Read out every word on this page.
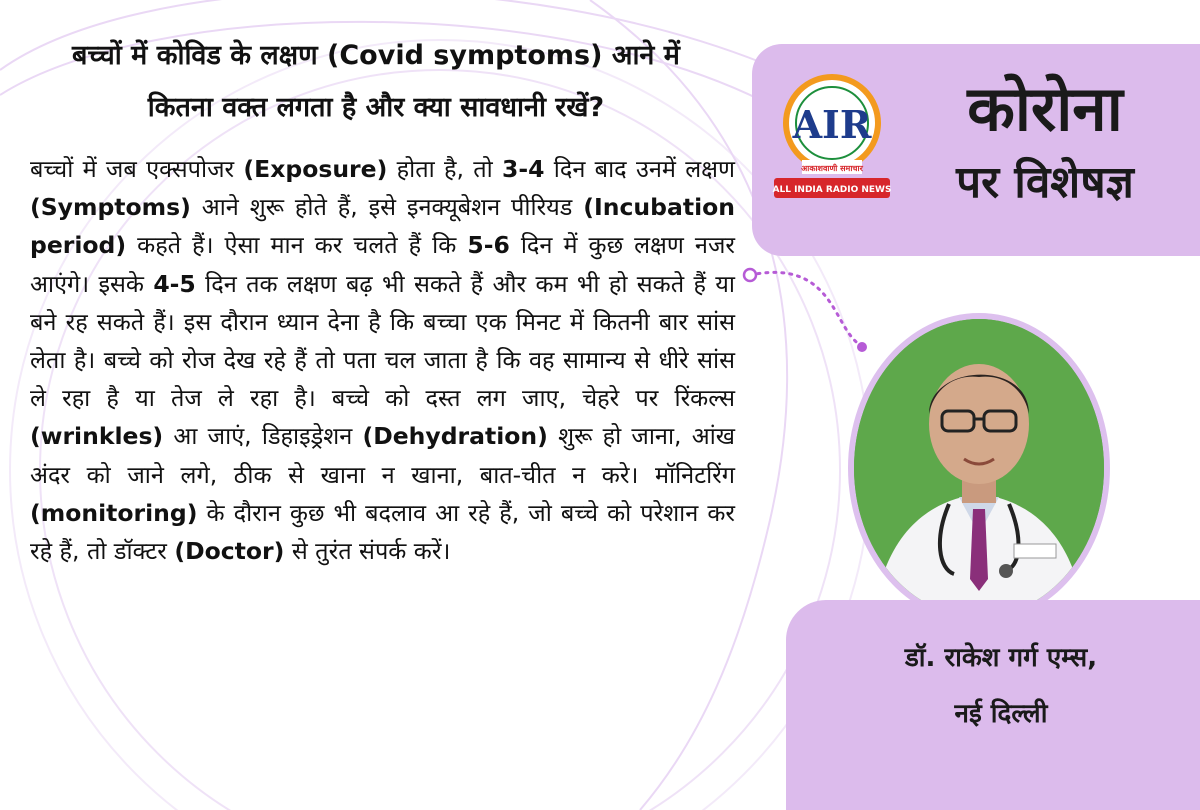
बच्चों में कोविड के लक्षण (Covid symptoms) आने में
कितना वक्त लगता है और क्या सावधानी रखें?
बच्चों में जब एक्सपोजर (Exposure) होता है, तो 3-4 दिन बाद उनमें लक्षण (Symptoms) आने शुरू होते हैं, इसे इनक्यूबेशन पीरियड (Incubation period) कहते हैं। ऐसा मान कर चलते हैं कि 5-6 दिन में कुछ लक्षण नजर आएंगे। इसके 4-5 दिन तक लक्षण बढ़ भी सकते हैं और कम भी हो सकते हैं या बने रह सकते हैं। इस दौरान ध्यान देना है कि बच्चा एक मिनट में कितनी बार सांस लेता है। बच्चे को रोज देख रहे हैं तो पता चल जाता है कि वह सामान्य से धीरे सांस ले रहा है या तेज ले रहा है। बच्चे को दस्त लग जाए, चेहरे पर रिंकल्स (wrinkles) आ जाएं, डिहाइड्रेशन (Dehydration) शुरू हो जाना, आंख अंदर को जाने लगे, ठीक से खाना न खाना, बात-चीत न करे। मॉनिटरिंग (monitoring) के दौरान कुछ भी बदलाव आ रहे हैं, जो बच्चे को परेशान कर रहे हैं, तो डॉक्टर (Doctor) से तुरंत संपर्क करें।
AIR
आकाशवाणी समाचार
ALL INDIA RADIO NEWS
कोरोना
पर विशेषज्ञ
डॉ. राकेश गर्ग एम्स,
नई दिल्ली
